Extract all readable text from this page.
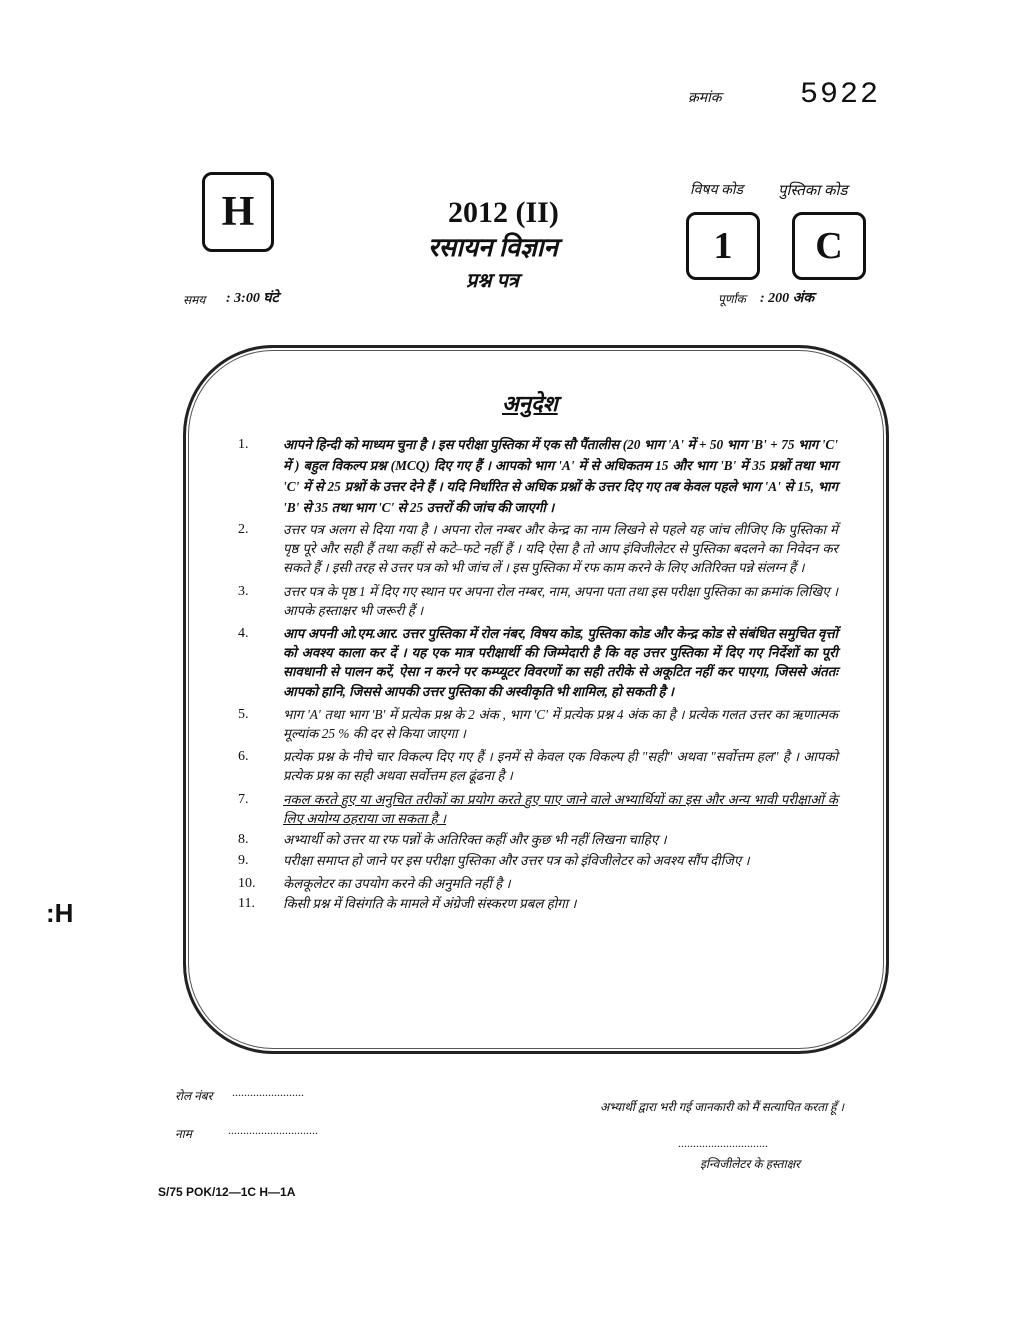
क्रमांक	5922
H	2012 (II)
रसायन विज्ञान
प्रश्न पत्र
विषय कोड पुस्तिका कोड
1	C
समय : 3:00 घंटे	पूर्णांक : 200 अंक
अनुदेश
1.	आपने हिन्दी को माध्यम चुना है । इस परीक्षा पुस्तिका में एक सौ पैंतालीस (20 भाग 'A' में + 50 भाग 'B' + 75 भाग 'C' में ) बहुल विकल्प प्रश्न (MCQ) दिए गए हैं । आपको भाग 'A' में से अधिकतम 15 और भाग 'B' में 35 प्रश्नों तथा भाग 'C' में से 25 प्रश्नों के उत्तर देने हैं । यदि निर्धारित से अधिक प्रश्नों के उत्तर दिए गए तब केवल पहले भाग 'A' से 15, भाग 'B' से 35 तथा भाग 'C' से 25 उत्तरों की जांच की जाएगी ।
2.	उत्तर पत्र अलग से दिया गया है । अपना रोल नम्बर और केन्द्र का नाम लिखने से पहले यह जांच लीजिए कि पुस्तिका में पृष्ठ पूरे और सही हैं तथा कहीं से कटे–फटे नहीं हैं । यदि ऐसा है तो आप इंविजीलेटर से पुस्तिका बदलने का निवेदन कर सकते हैं । इसी तरह से उत्तर पत्र को भी जांच लें । इस पुस्तिका में रफ काम करने के लिए अतिरिक्त पन्ने संलग्न हैं ।
3.	उत्तर पत्र के पृष्ठ 1 में दिए गए स्थान पर अपना रोल नम्बर, नाम, अपना पता तथा इस परीक्षा पुस्तिका का क्रमांक लिखिए । आपके हस्ताक्षर भी जरूरी हैं ।
4.	आप अपनी ओ.एम.आर. उत्तर पुस्तिका में रोल नंबर, विषय कोड, पुस्तिका कोड और केन्द्र कोड से संबंधित समुचित वृत्तों को अवश्य काला कर दें । यह एक मात्र परीक्षार्थी की जिम्मेदारी है कि वह उत्तर पुस्तिका में दिए गए निर्देशों का पूरी सावधानी से पालन करें, ऐसा न करने पर कम्प्यूटर विवरणों का सही तरीके से अकूटित नहीं कर पाएगा, जिससे अंततः आपको हानि, जिससे आपकी उत्तर पुस्तिका की अस्वीकृति भी शामिल, हो सकती है ।
5.	भाग 'A' तथा भाग 'B' में प्रत्येक प्रश्न के 2 अंक , भाग 'C' में प्रत्येक प्रश्न 4 अंक का है । प्रत्येक गलत उत्तर का ऋणात्मक मूल्यांक 25 % की दर से किया जाएगा ।
6.	प्रत्येक प्रश्न के नीचे चार विकल्प दिए गए हैं । इनमें से केवल एक विकल्प ही "सही" अथवा "सर्वोत्तम हल" है । आपको प्रत्येक प्रश्न का सही अथवा सर्वोत्तम हल ढूंढना है ।
7.	नकल करते हुए या अनुचित तरीकों का प्रयोग करते हुए पाए जाने वाले अभ्यार्थियों का इस और अन्य भावी परीक्षाओं के लिए अयोग्य ठहराया जा सकता है ।
8.	अभ्यार्थी को उत्तर या रफ पन्नों के अतिरिक्त कहीं और कुछ भी नहीं लिखना चाहिए ।
9.	परीक्षा समाप्त हो जाने पर इस परीक्षा पुस्तिका और उत्तर पत्र को इंविजीलेटर को अवश्य सौंप दीजिए ।
10.	केलकूलेटर का उपयोग करने की अनुमति नहीं है ।
11.	किसी प्रश्न में विसंगति के मामले में अंग्रेजी संस्करण प्रबल होगा ।
:H
रोल नंबर ........................
नाम	..............................
अभ्यार्थी द्वारा भरी गई जानकारी को मैं सत्यापित करता हूँ ।
..............................
इन्विजीलेटर के हस्ताक्षर
S/75 POK/12—1C H—1A
